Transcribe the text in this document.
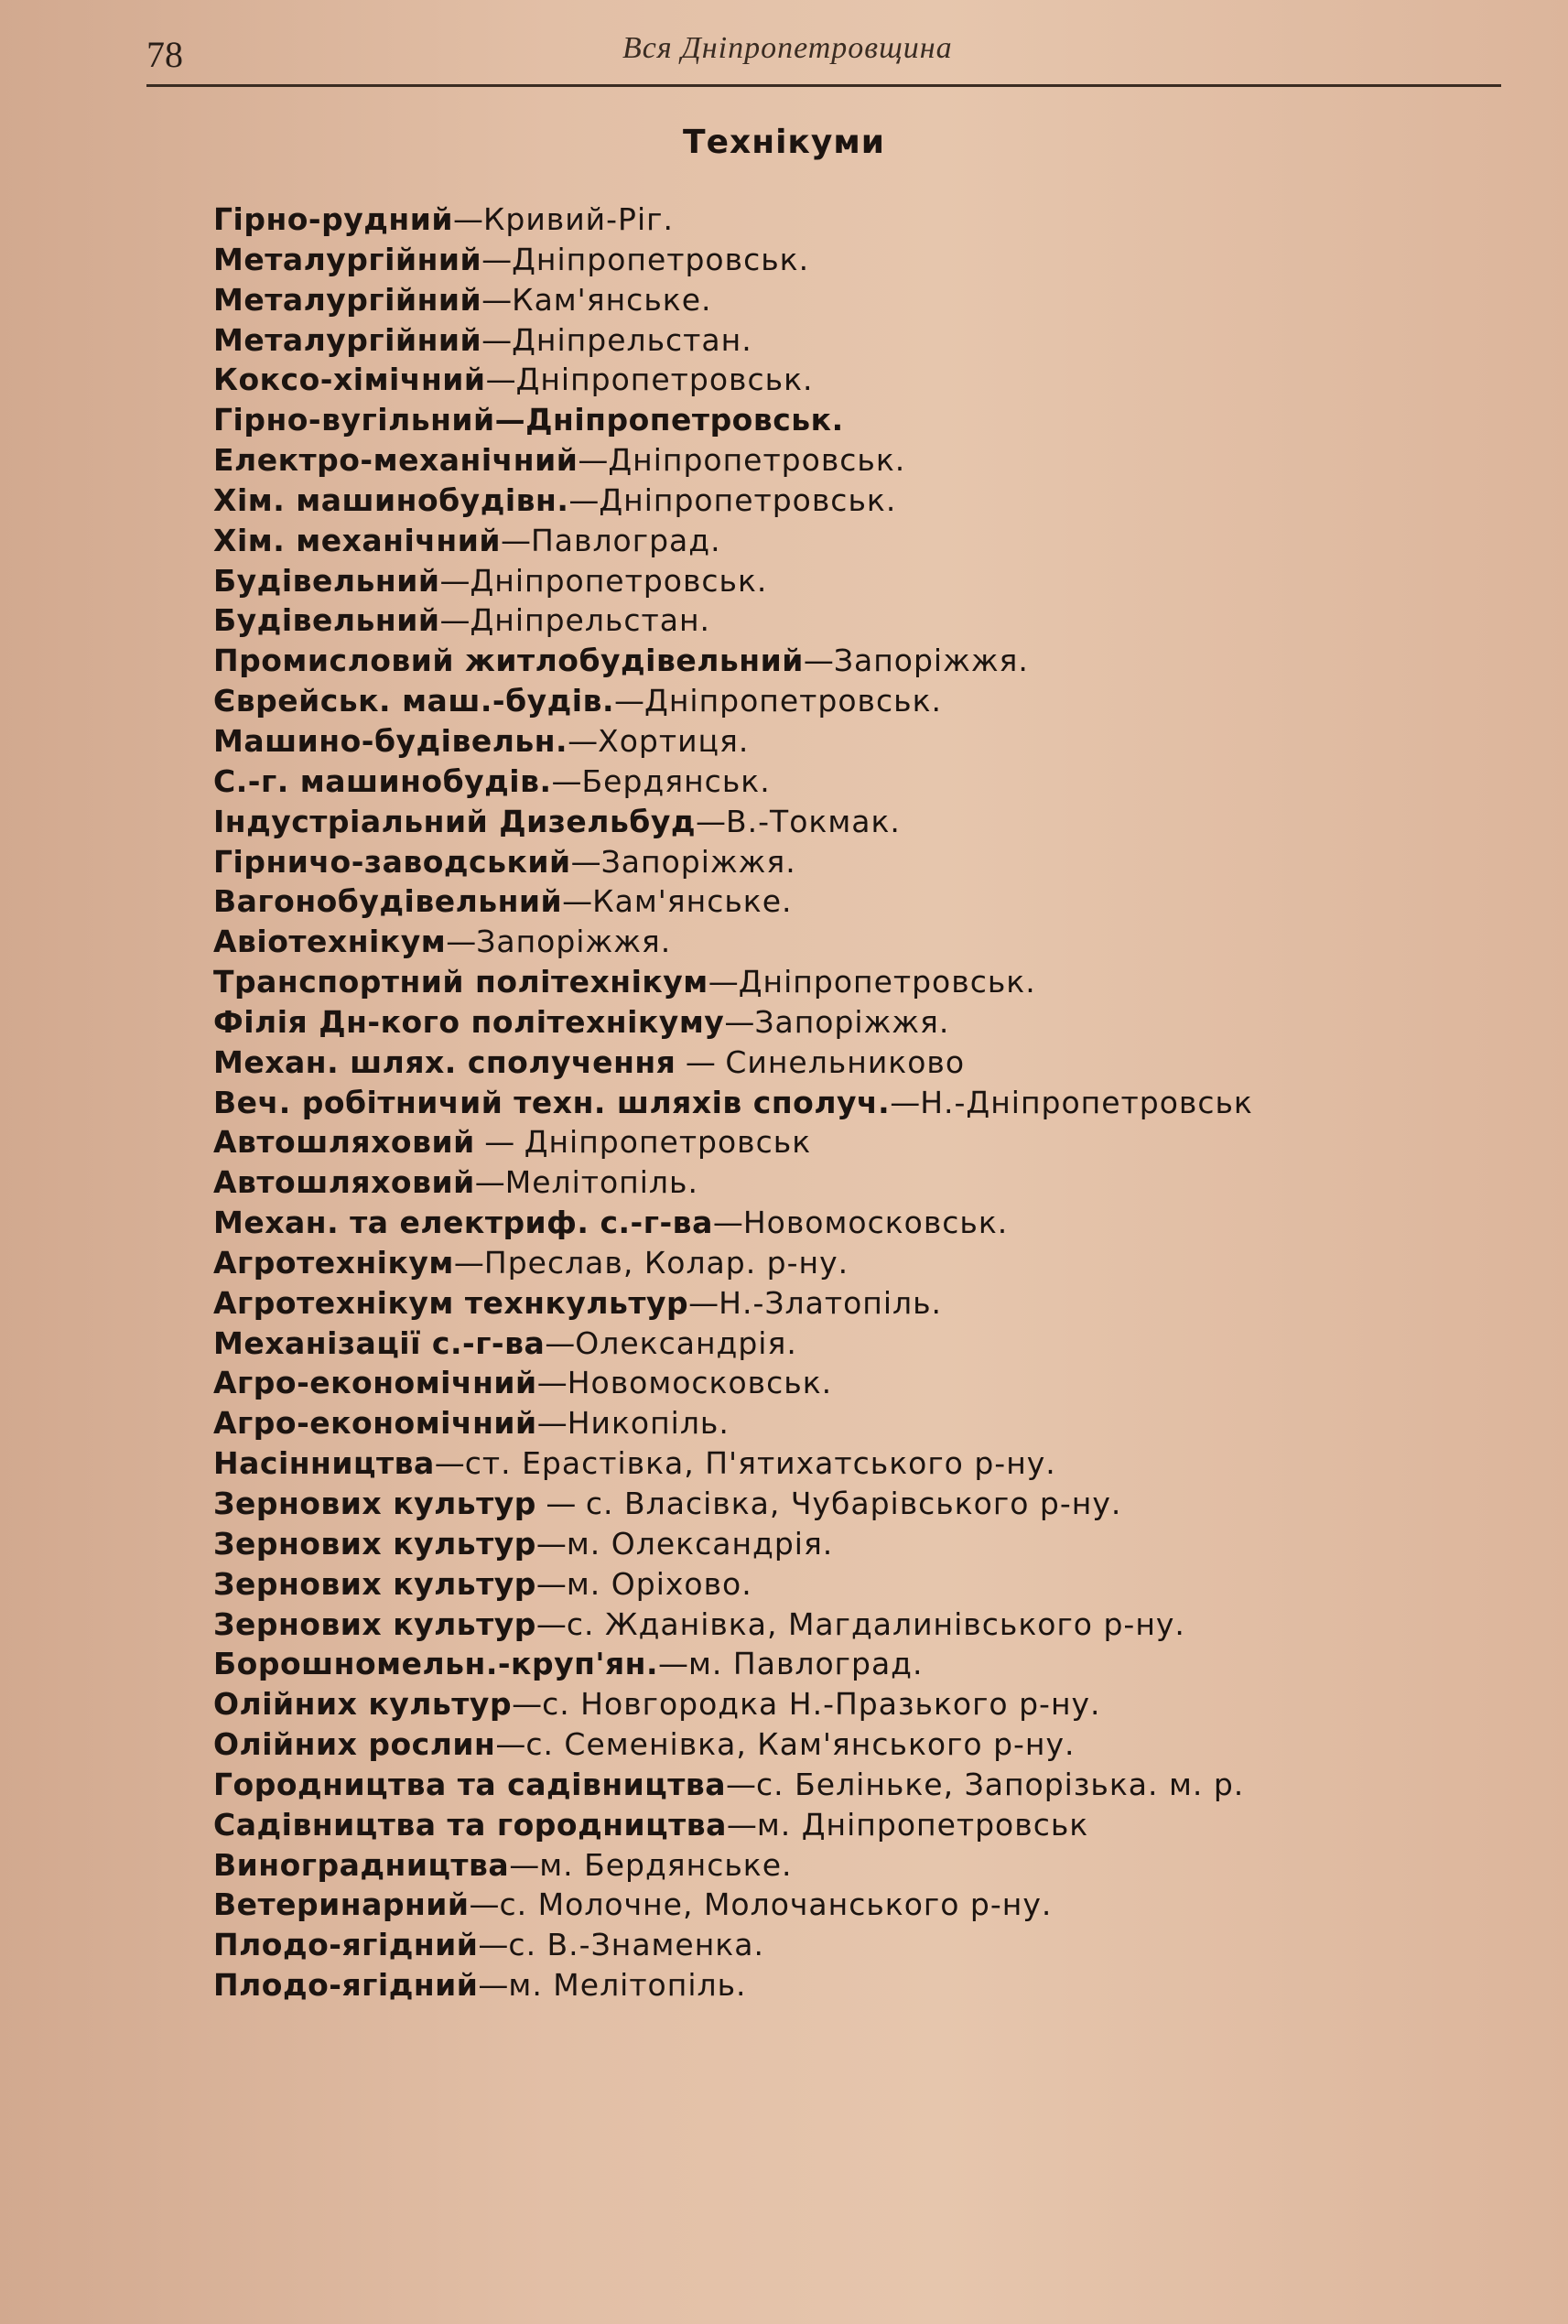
78	Вся Дніпропетровщина
Технікуми
Гірно-рудний—Кривий-Ріг.
Металургійний—Дніпропетровськ.
Металургійний—Кам'янське.
Металургійний—Дніпрельстан.
Коксо-хімічний—Дніпропетровськ.
Гірно-вугільний—Дніпропетровськ.
Електро-механічний—Дніпропетровськ.
Хім. машинобудівн.—Дніпропетровськ.
Хім. механічний—Павлоград.
Будівельний—Дніпропетровськ.
Будівельний—Дніпрельстан.
Промисловий житлобудівельний—Запоріжжя.
Єврейськ. маш.-будів.—Дніпропетровськ.
Машино-будівельн.—Хортиця.
С.-г. машинобудів.—Бердянськ.
Індустріальний Дизельбуд—В.-Токмак.
Гірничо-заводський—Запоріжжя.
Вагонобудівельний—Кам'янське.
Авіотехнікум—Запоріжжя.
Транспортний політехнікум—Дніпропетровськ.
Філія Дн-кого політехнікуму—Запоріжжя.
Механ. шлях. сполучення — Синельниково
Веч. робітничий техн. шляхів сполуч.—Н.-Дніпропетровськ
Автошляховий — Дніпропетровськ
Автошляховий—Мелітопіль.
Механ. та електриф. с.-г-ва—Новомосковськ.
Агротехнікум—Преслав, Колар. р-ну.
Агротехнікум технкультур—Н.-Златопіль.
Механізації с.-г-ва—Олександрія.
Агро-економічний—Новомосковськ.
Агро-економічний—Никопіль.
Насінництва—ст. Ерастівка, П'ятихатського р-ну.
Зернових культур — с. Власівка, Чубарівського р-ну.
Зернових культур—м. Олександрія.
Зернових культур—м. Оріхово.
Зернових культур—с. Жданівка, Магдалинівського р-ну.
Борошномельн.-круп'ян.—м. Павлоград.
Олійних культур—с. Новгородка Н.-Празького р-ну.
Олійних рослин—с. Семенівка, Кам'янського р-ну.
Городництва та садівництва—с. Беліньке, Запорізька. м. р.
Садівництва та городництва—м. Дніпропетровськ
Виноградництва—м. Бердянське.
Ветеринарний—с. Молочне, Молочанського р-ну.
Плодо-ягідний—с. В.-Знаменка.
Плодо-ягідний—м. Мелітопіль.
